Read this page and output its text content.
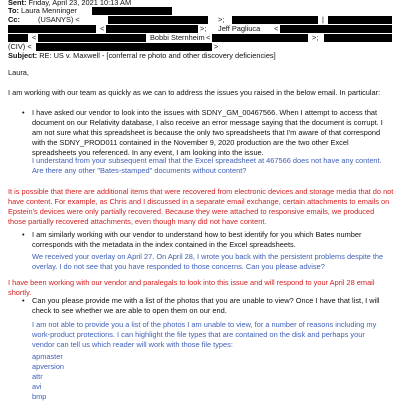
Sent: Friday, April 23, 2021 10:13 AM
To: Laura Menninger
Cc: (USANYS) <	>;	|
<	>; Jeff Pagliuca <
<	Bobbi Sternheim <	>;
(CIV) <	>
Subject: RE: US v. Maxwell - [conferral re photo and other discovery deficiencies]
Laura,
I am working with our team as quickly as we can to address the issues you raised in the below email. In particular:
• I have asked our vendor to look into the issues with SDNY_GM_00467566. When I attempt to access that document on our Relativity database, I also receive an error message saying that the document is corrupt. I am not sure what this spreadsheet is because the only two spreadsheets that I'm aware of that correspond with the SDNY_PROD011 contained in the November 9, 2020 production are the two other Excel spreadsheets you referenced. In any event, I am looking into the issue.
I understand from your subsequent email that the Excel spreadsheet at 467566 does not have any content. Are there any other "Bates-stamped" documents without content?
It is possible that there are additional items that were recovered from electronic devices and storage media that do not have content. For example, as Chris and I discussed in a separate email exchange, certain attachments to emails on Epstein's devices were only partially recovered. Because they were attached to responsive emails, we produced those partially recovered attachments, even though many did not have content.
• I am similarly working with our vendor to understand how to best identify for you which Bates number corresponds with the metadata in the index contained in the Excel spreadsheets.
We received your overlay on April 27. On April 28, I wrote you back with the persistent problems despite the overlay. I do not see that you have responded to those concerns. Can you please advise?
I have been working with our vendor and paralegals to look into this issue and will respond to your April 28 email shortly.
• Can you please provide me with a list of the photos that you are unable to view? Once I have that list, I will check to see whether we are able to open them on our end.
I am not able to provide you a list of the photos I am unable to view, for a number of reasons including my work-product protections. I can highlight the file types that are contained on the disk and perhaps your vendor can tell us which reader will work with those file types:
apmaster
apversion
attr
avi
bmp
